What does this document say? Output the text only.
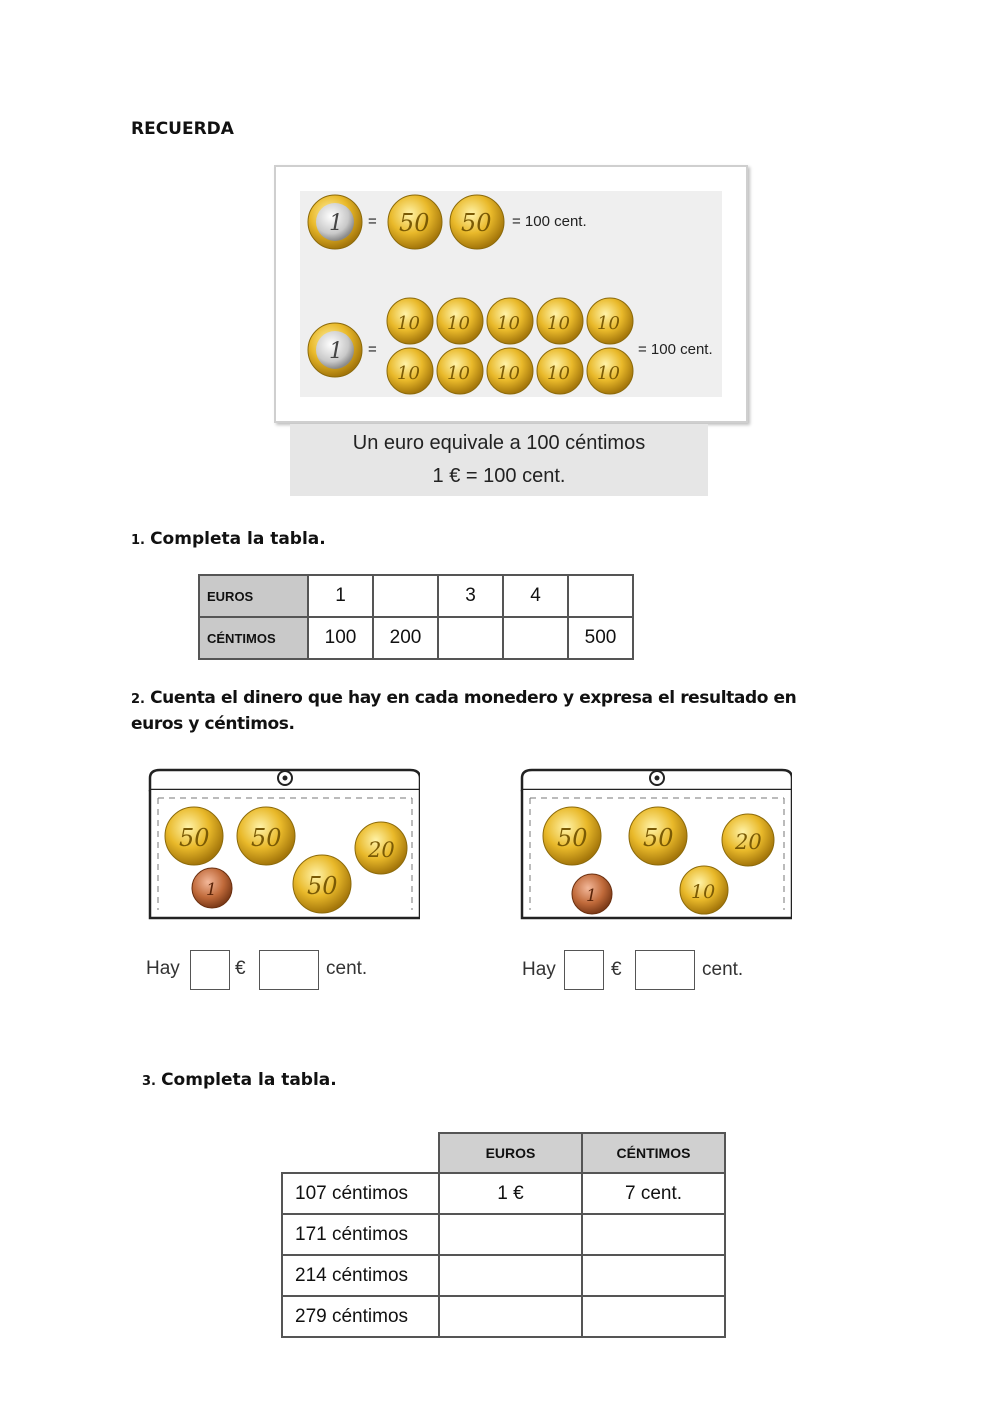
RECUERDA
1 = 50 50 = 100 cent.
1 =
10 10 10 10 10
10 10 10 10 10
= 100 cent.
Un euro equivale a 100 céntimos
1 € = 100 cent.
1. Completa la tabla.
EUROS	1		3	4	
CÉNTIMOS	100	200			500
2. Cuenta el dinero que hay en cada monedero y expresa el resultado en euros y céntimos.
50 50
50
20
1
Hay	€	cent.
50 50	20
10
1
Hay	€	cent.
3. Completa la tabla.
	EUROS	CÉNTIMOS
107 céntimos	1 €	7 cent.
171 céntimos		
214 céntimos		
279 céntimos		
